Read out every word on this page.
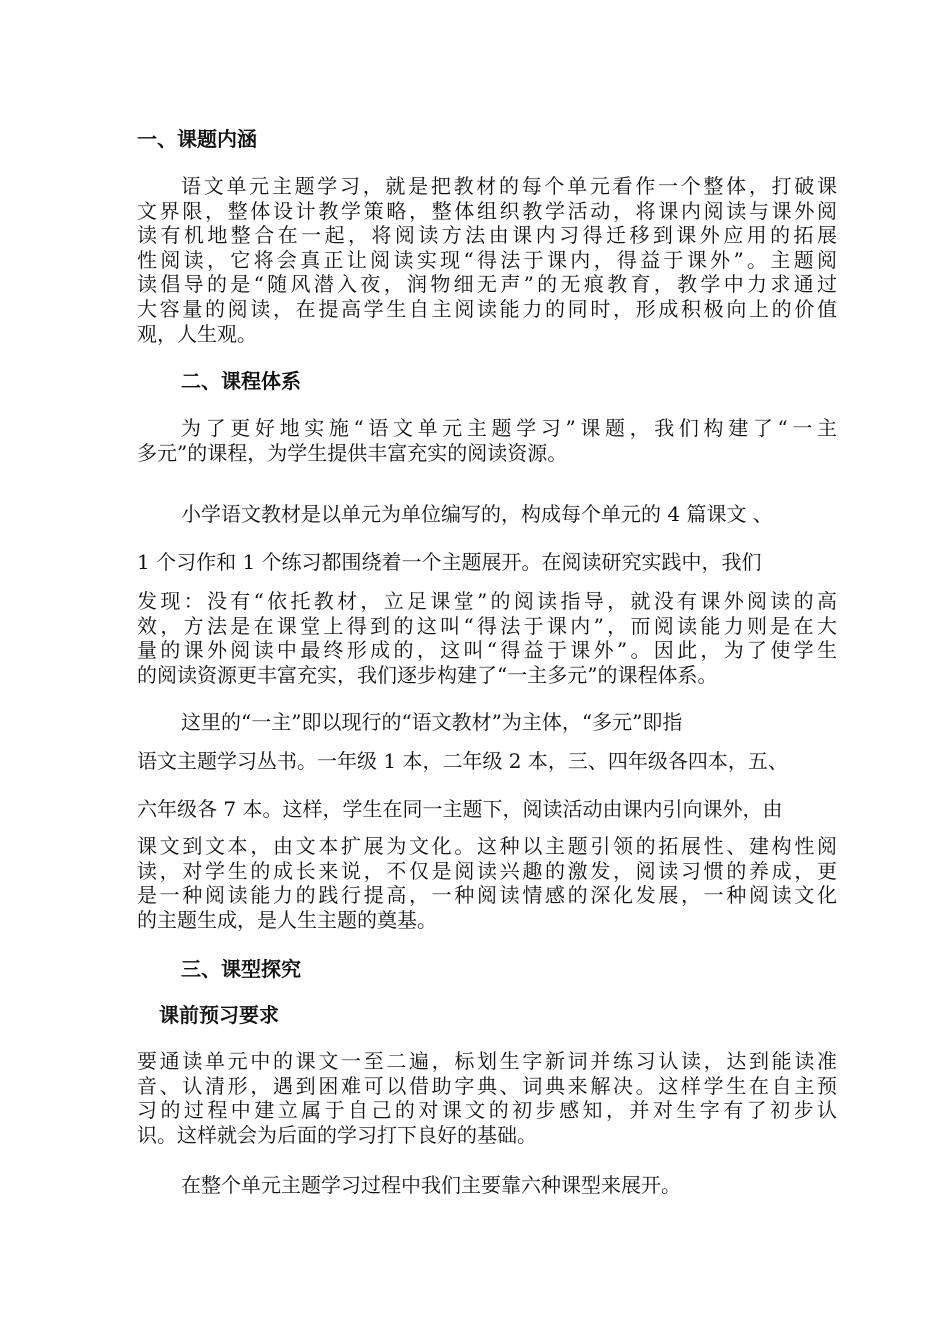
一、课题内涵
语文单元主题学习，就是把教材的每个单元看作一个整体，打破课
文界限，整体设计教学策略，整体组织教学活动，将课内阅读与课外阅
读有机地整合在一起，将阅读方法由课内习得迁移到课外应用的拓展
性阅读，它将会真正让阅读实现“得法于课内，得益于课外”。主题阅
读倡导的是“随风潜入夜，润物细无声”的无痕教育，教学中力求通过
大容量的阅读，在提高学生自主阅读能力的同时，形成积极向上的价值
观，人生观。
二、课程体系
为了更好地实施“语文单元主题学习”课题，我们构建了“一主
多元”的课程，为学生提供丰富充实的阅读资源。
小学语文教材是以单元为单位编写的，构成每个单元的 4 篇课文 、
1 个习作和 1 个练习都围绕着一个主题展开。在阅读研究实践中，我们
发现：没有“依托教材，立足课堂”的阅读指导，就没有课外阅读的高
效，方法是在课堂上得到的这叫“得法于课内”，而阅读能力则是在大
量的课外阅读中最终形成的，这叫“得益于课外”。因此，为了使学生
的阅读资源更丰富充实，我们逐步构建了“一主多元”的课程体系。
这里的“一主”即以现行的“语文教材”为主体，“多元”即指
语文主题学习丛书。一年级 1 本，二年级 2 本，三、四年级各四本，五、
六年级各 7 本。这样，学生在同一主题下，阅读活动由课内引向课外，由
课文到文本，由文本扩展为文化。这种以主题引领的拓展性、建构性阅
读，对学生的成长来说，不仅是阅读兴趣的激发，阅读习惯的养成，更
是一种阅读能力的践行提高，一种阅读情感的深化发展，一种阅读文化
的主题生成，是人生主题的奠基。
三、课型探究
课前预习要求
要通读单元中的课文一至二遍，标划生字新词并练习认读，达到能读准
音、认清形，遇到困难可以借助字典、词典来解决。这样学生在自主预
习的过程中建立属于自己的对课文的初步感知，并对生字有了初步认
识。这样就会为后面的学习打下良好的基础。
在整个单元主题学习过程中我们主要靠六种课型来展开。
